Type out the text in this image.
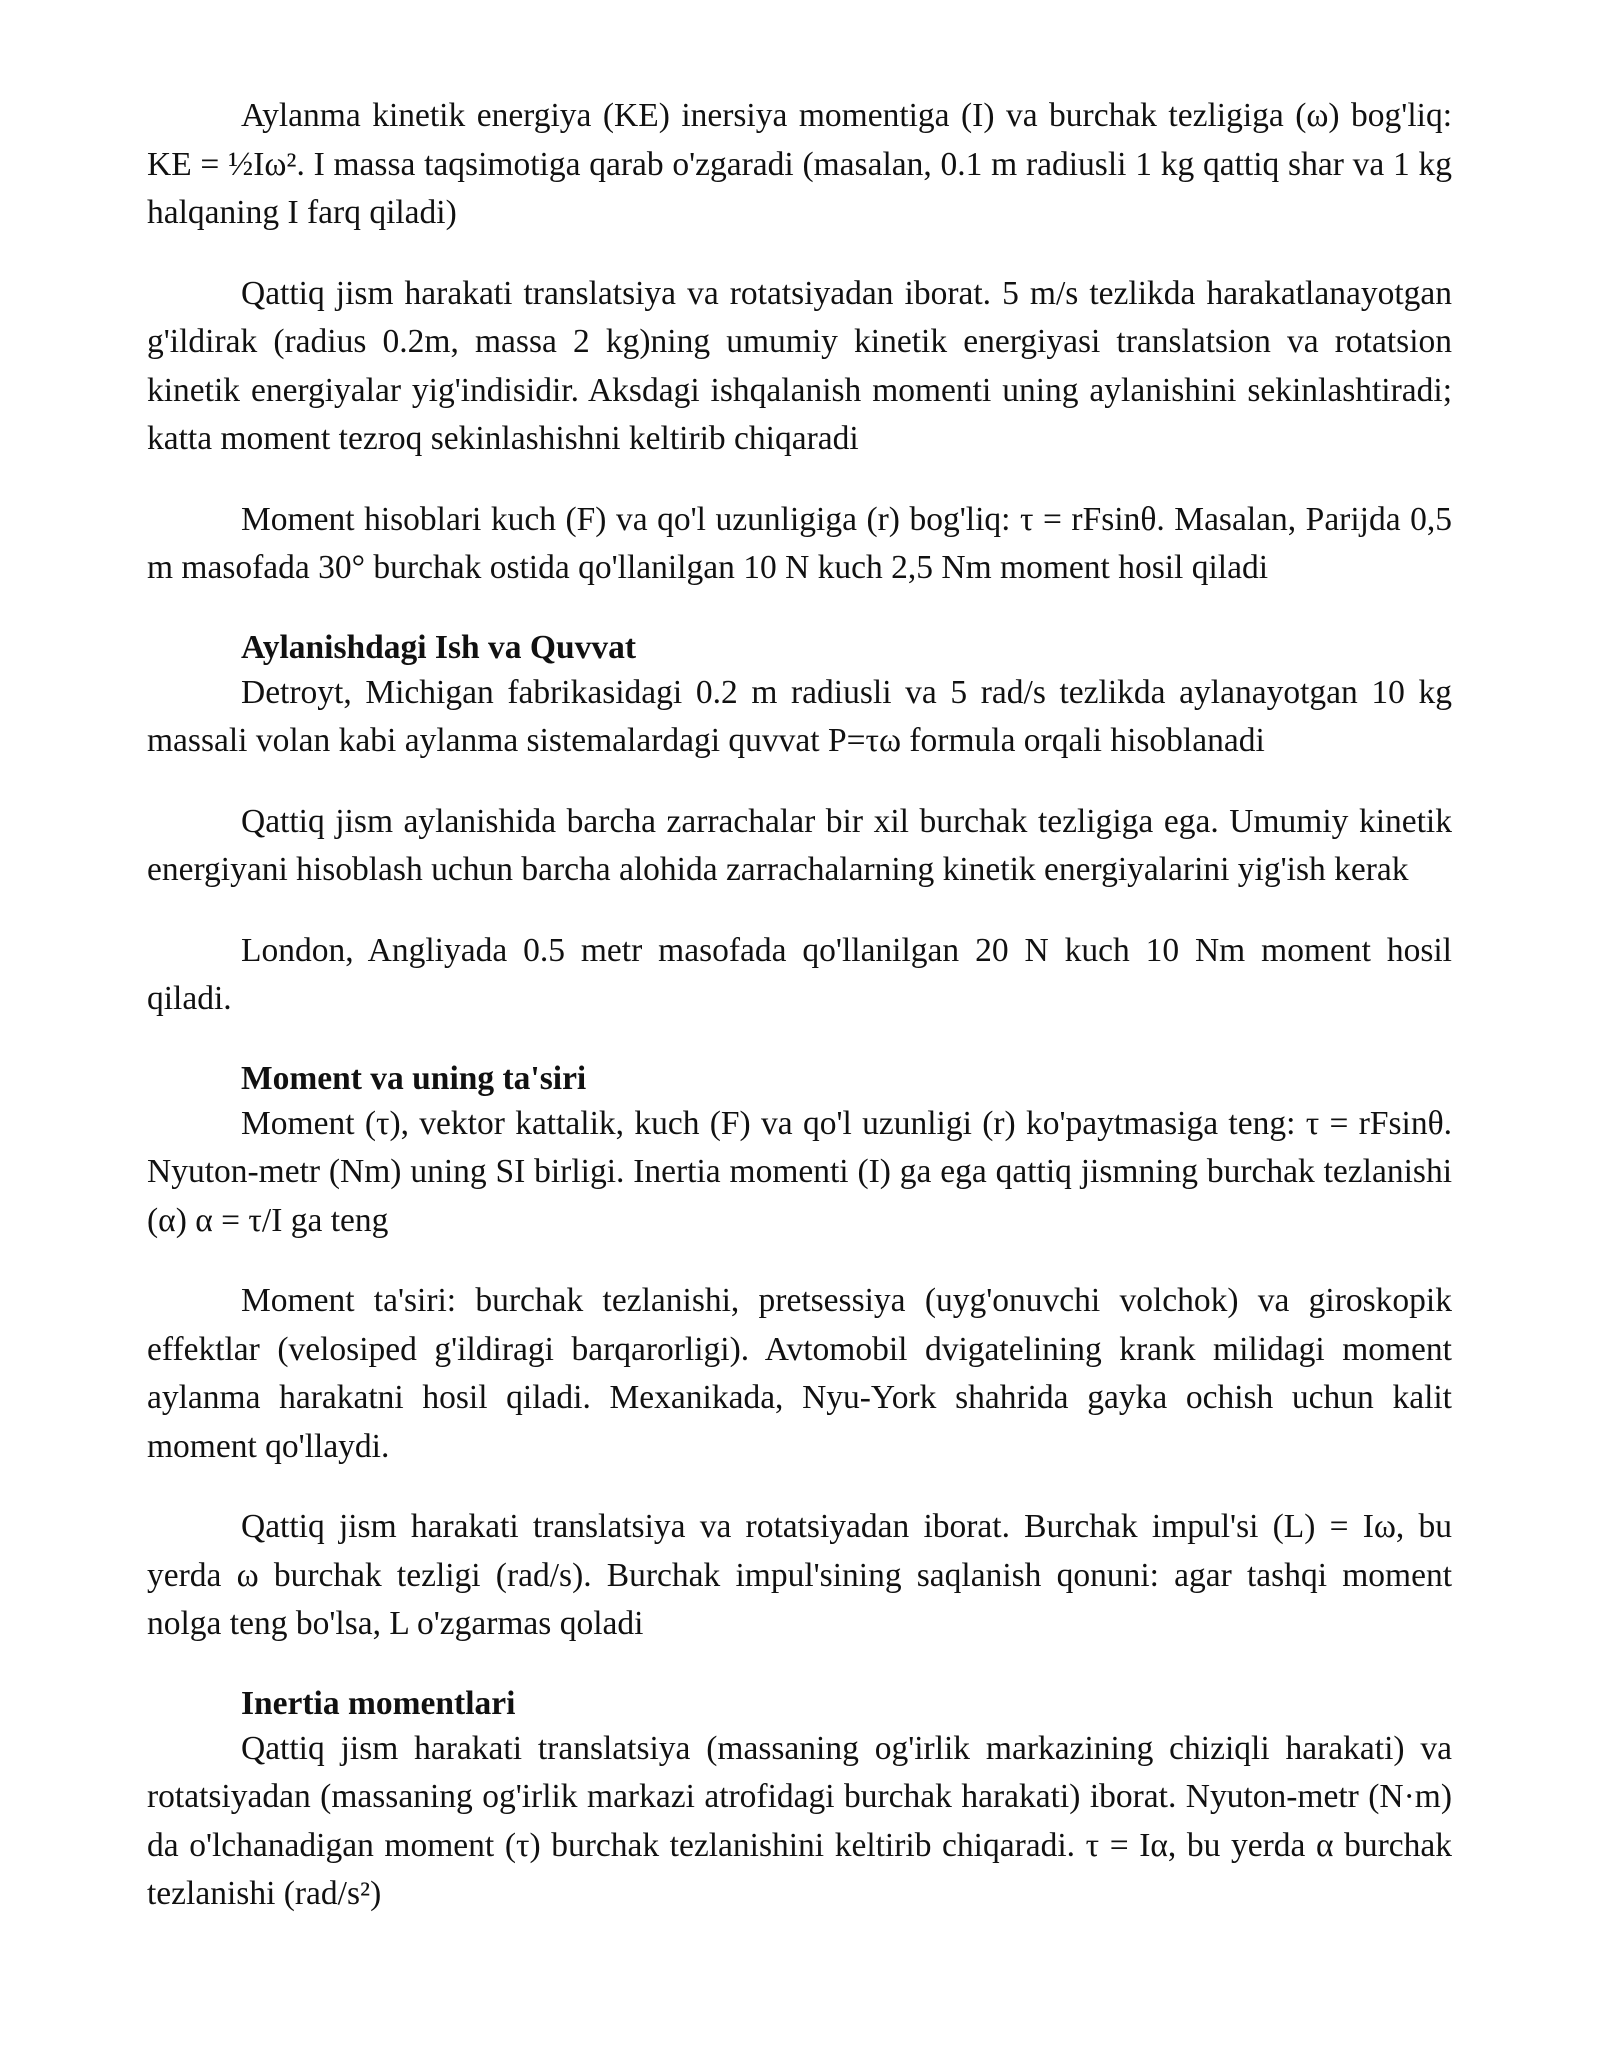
Aylanma kinetik energiya (KE) inersiya momentiga (I) va burchak tezligiga (ω) bog'liq: KE = ½Iω². I massa taqsimotiga qarab o'zgaradi (masalan, 0.1 m radiusli 1 kg qattiq shar va 1 kg halqaning I farq qiladi)

Qattiq jism harakati translatsiya va rotatsiyadan iborat. 5 m/s tezlikda harakatlanayotgan g'ildirak (radius 0.2m, massa 2 kg)ning umumiy kinetik energiyasi translatsion va rotatsion kinetik energiyalar yig'indisidir. Aksdagi ishqalanish momenti uning aylanishini sekinlashtiradi; katta moment tezroq sekinlashishni keltirib chiqaradi

Moment hisoblari kuch (F) va qo'l uzunligiga (r) bog'liq: τ = rFsinθ. Masalan, Parijda 0,5 m masofada 30° burchak ostida qo'llanilgan 10 N kuch 2,5 Nm moment hosil qiladi

Aylanishdagi Ish va Quvvat

Detroyt, Michigan fabrikasidagi 0.2 m radiusli va 5 rad/s tezlikda aylanayotgan 10 kg massali volan kabi aylanma sistemalardagi quvvat P=τω formula orqali hisoblanadi

Qattiq jism aylanishida barcha zarrachalar bir xil burchak tezligiga ega. Umumiy kinetik energiyani hisoblash uchun barcha alohida zarrachalarning kinetik energiyalarini yig'ish kerak

London, Angliyada 0.5 metr masofada qo'llanilgan 20 N kuch 10 Nm moment hosil qiladi.

Moment va uning ta'siri

Moment (τ), vektor kattalik, kuch (F) va qo'l uzunligi (r) ko'paytmasiga teng: τ = rFsinθ. Nyuton-metr (Nm) uning SI birligi. Inertia momenti (I) ga ega qattiq jismning burchak tezlanishi (α) α = τ/I ga teng

Moment ta'siri: burchak tezlanishi, pretsessiya (uyg'onuvchi volchok) va giroskopik effektlar (velosiped g'ildiragi barqarorligi). Avtomobil dvigatelining krank milidagi moment aylanma harakatni hosil qiladi. Mexanikada, Nyu-York shahrida gayka ochish uchun kalit moment qo'llaydi.

Qattiq jism harakati translatsiya va rotatsiyadan iborat. Burchak impul'si (L) = Iω, bu yerda ω burchak tezligi (rad/s). Burchak impul'sining saqlanish qonuni: agar tashqi moment nolga teng bo'lsa, L o'zgarmas qoladi

Inertia momentlari

Qattiq jism harakati translatsiya (massaning og'irlik markazining chiziqli harakati) va rotatsiyadan (massaning og'irlik markazi atrofidagi burchak harakati) iborat. Nyuton-metr (N·m) da o'lchanadigan moment (τ) burchak tezlanishini keltirib chiqaradi. τ = Iα, bu yerda α burchak tezlanishi (rad/s²)
